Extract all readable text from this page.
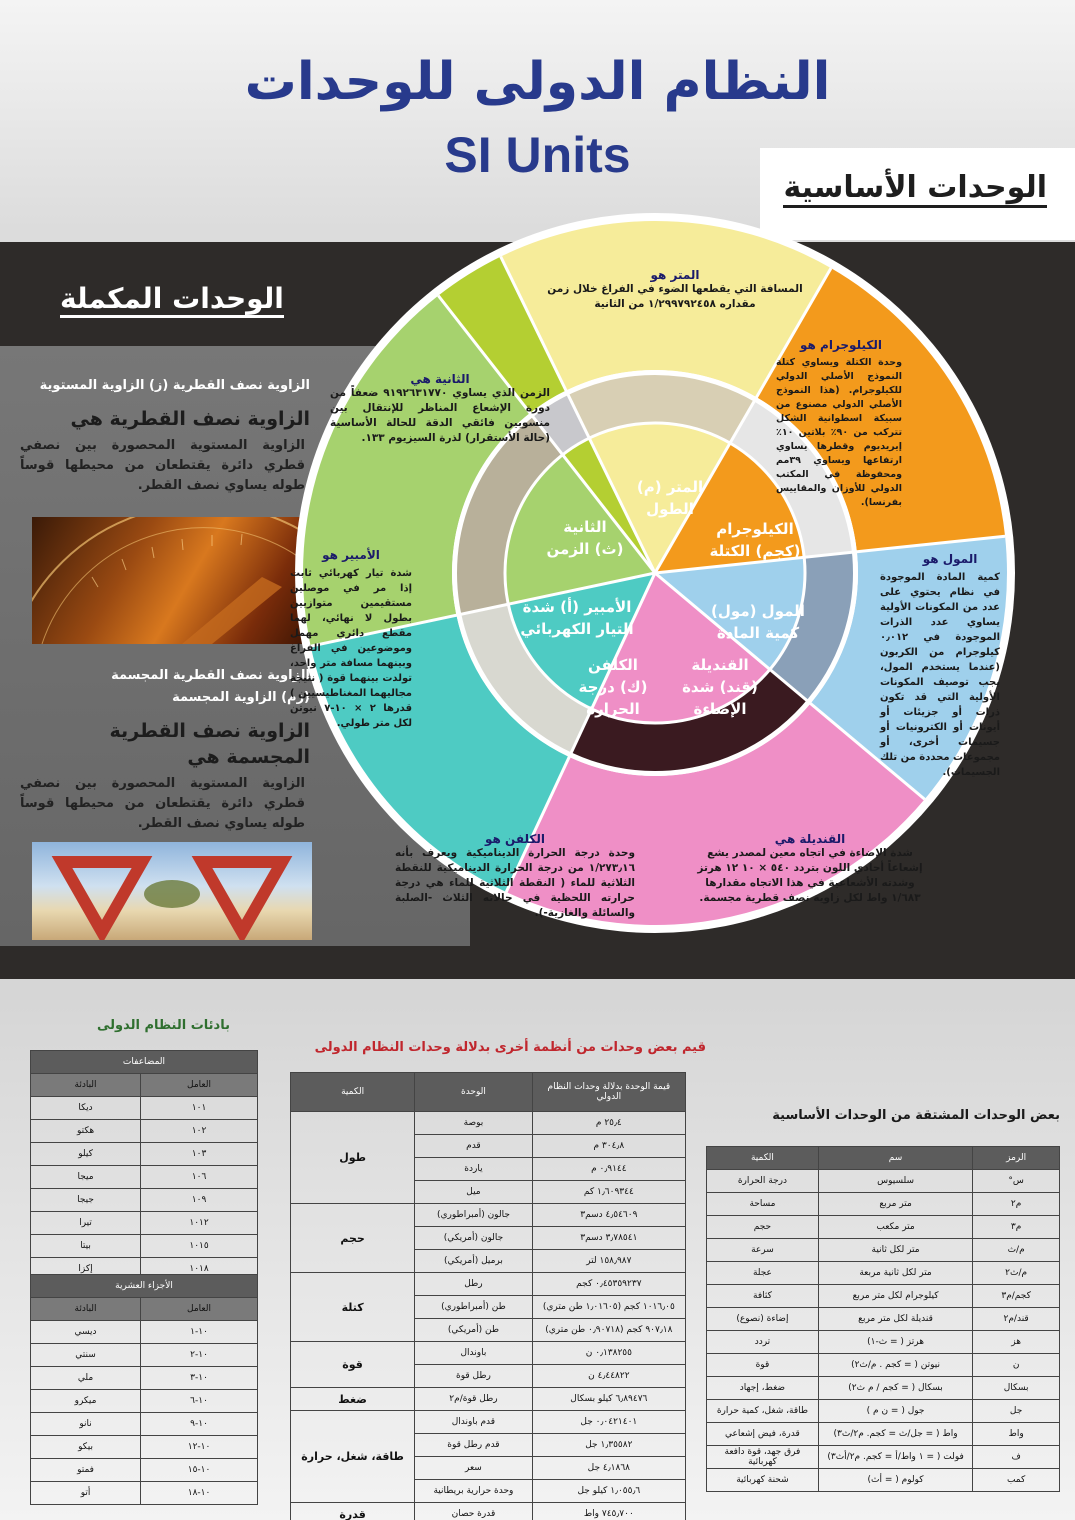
النظام الدولى للوحدات
SI Units
الوحدات الأساسية
الوحدات المكملة
الزاوية نصف القطرية (ز) الزاوية المستوية
الزاوية نصف القطرية هي
الزاوية المستوية المحصورة بين نصفي قطري دائرة يقتطعان من محيطها قوساً طوله يساوي نصف القطر.
الزاوية نصف القطرية المجسمة
(زم) الزاوية المجسمة
الزاوية نصف القطرية
المجسمة هي
الزاوية المستوية المحصورة بين نصفي قطري دائرة يقتطعان من محيطها قوساً طوله يساوي نصف القطر.
المتر هو
المسافة التي يقطعها الضوء في الفراغ خلال زمن مقداره ١/٢٩٩٧٩٢٤٥٨ من الثانية
الكيلوجرام هو
وحدة الكتلة ويساوي كتلة النموذج الأصلي الدولي للكيلوجرام. (هذا النموذج الأصلي الدولي مصنوع من سبيكة اسطوانية الشكل تتركب من ٩٠٪ بلاتين ١٠٪ إيريديوم وقطرها يساوي ارتفاعها ويساوي ٣٩مم ومحفوظة في المكتب الدولي للأوزان والمقاييس بفرنسا).
المول هو
كمية المادة الموجودة في نظام يحتوي على عدد من المكونات الأولية يساوي عدد الذرات الموجودة في ٠٫٠١٢ كيلوجرام من الكربون (عندما يستخدم المول، يجب توصيف المكونات الأولية التي قد تكون ذرات أو جزيئات أو أيونات أو الكترونيات أو جسيمات أخرى، أو مجموعات محددة من تلك الجسيمات).
القنديلة هي
شدة الإضاءة في اتجاه معين لمصدر يشع إشعاعاً أحادي اللون بتردد ٥٤٠ × ١٠ ١٢ هرتز وشدته الأشعاعية في هذا الاتجاه مقدارها ١/٦٨٣ واط لكل زاوية نصف قطرية مجسمة.
الكلفن هو
وحدة درجة الحرارة الديناميكية ويعرف بأنه ١/٢٧٣٫١٦ من درجة الحرارة الديناميكية للنقطة الثلاثية للماء ( النقطة الثلاثية للماء هي درجة حرارته اللحظية في حالاته الثلاث -الصلبة والسائلة والغازية-).
الأمبير هو
شدة تيار كهربائي ثابت إذا مر في موصلين مستقيمين متوازيين بطول لا نهائي، لهما مقطع دائري مهمل وموضوعين في الفراغ وبينهما مسافة متر واحد، تولدت بينهما قوة ( نتيجة مجاليهما المغناطيسيين ) قدرها ٢ × ١٠-٧ نيوتن لكل متر طولي.
الثانية هي
الزمن الذي يساوي ٩١٩٢٦٣١٧٧٠ ضعفاً من دورة الإشعاع المناظر للإنتقال بين منسوبين فائقي الدقة للحالة الأساسية (حالة الأستقرار) لذرة السيزيوم ١٣٣.
المتر (م)
الطول
الكيلوجرام
(كجم) الكتلة
المول (مول)
كمية المادة
القنديلة
(قند) شدة
الإضاءة
الكلفن
(ك) درجة
الحرارة
الأمبير (أ) شدة
التيار الكهربائي
الثانية
(ث) الزمن
بادئات النظام الدولى
المضاعفات	
البادئة	العامل
ديكا	١٠١
هكتو	١٠٢
كيلو	١٠٣
ميجا	١٠٦
جيجا	١٠٩
تيرا	١٠١٢
بيتا	١٠١٥
إكزا	١٠١٨
الأجزاء العشرية	
البادئة	العامل
ديسي	١٠-١
سنتي	١٠-٢
ملي	١٠-٣
ميكرو	١٠-٦
نانو	١٠-٩
بيكو	١٠-١٢
فمتو	١٠-١٥
أتو	١٠-١٨
قيم بعض وحدات من أنظمة أخرى بدلالة وحدات النظام الدولى
الكمية	الوحدة	قيمة الوحدة بدلالة وحدات النظام الدولي
طول	بوصة	٢٥٫٤ م
	قدم	٣٠٤٫٨ م
	ياردة	٠٫٩١٤٤ م
	ميل	١٫٦٠٩٣٤٤ كم
حجم	جالون (أمبراطوري)	٤٫٥٤٦٠٩ دسم٣
	جالون (أمريكي)	٣٫٧٨٥٤١ دسم٣
	برميل (أمريكي)	١٥٨٫٩٨٧ لتر
كتلة	رطل	٠٫٤٥٣٥٩٢٣٧ كجم
	طن (أمبراطوري)	١٠١٦٫٠٥ كجم (١٫٠١٦٠٥ طن متري)
	طن (أمريكي)	٩٠٧٫١٨ كجم (٠٫٩٠٧١٨ طن متري)
قوة	باوندال	٠٫١٣٨٢٥٥ ن
	رطل قوة	٤٫٤٤٨٢٢ ن
ضغط	رطل قوة/م٢	٦٫٨٩٤٧٦ كيلو بسكال
طاقة، شغل، حرارة	قدم باوندال	٠٫٠٤٢١٤٠١ جل
	قدم رطل قوة	١٫٣٥٥٨٢ جل
	سعر	٤٫١٨٦٨ جل
	وحدة حرارية بريطانية	١٫٠٥٥٫٦ كيلو جل
قدرة	قدرة حصان	٧٤٥٫٧٠٠ واط
بعض الوحدات المشتقة من الوحدات الأساسية
الكمية	سم	الرمز
درجة الحرارة	سلسيوس	س°
مساحة	متر مربع	م٢
حجم	متر مكعب	م٣
سرعة	متر لكل ثانية	م/ث
عجلة	متر لكل ثانية مربعة	م/ث٢
كثافة	كيلوجرام لكل متر مربع	كجم/م٣
إضاءة (نصوع)	قنديلة لكل متر مربع	قند/م٢
تردد	هرتز ( = ث-١)	هز
قوة	نيوتن ( = كجم . م/ث٢)	ن
ضغط، إجهاد	بسكال ( = كجم / م ث٢)	بسكال
طاقة، شغل، كمية حرارة	جول ( = ن م )	جل
قدرة، فيض إشعاعي	واط ( = جل/ث = كجم. م٢/ث٣)	واط
فرق جهد، قوة دافعة كهربائية	فولت ( = ١ واط/أ = كجم. م٢/أث٣)	ف
شحنة كهربائية	كولوم ( = أث)	كمب
